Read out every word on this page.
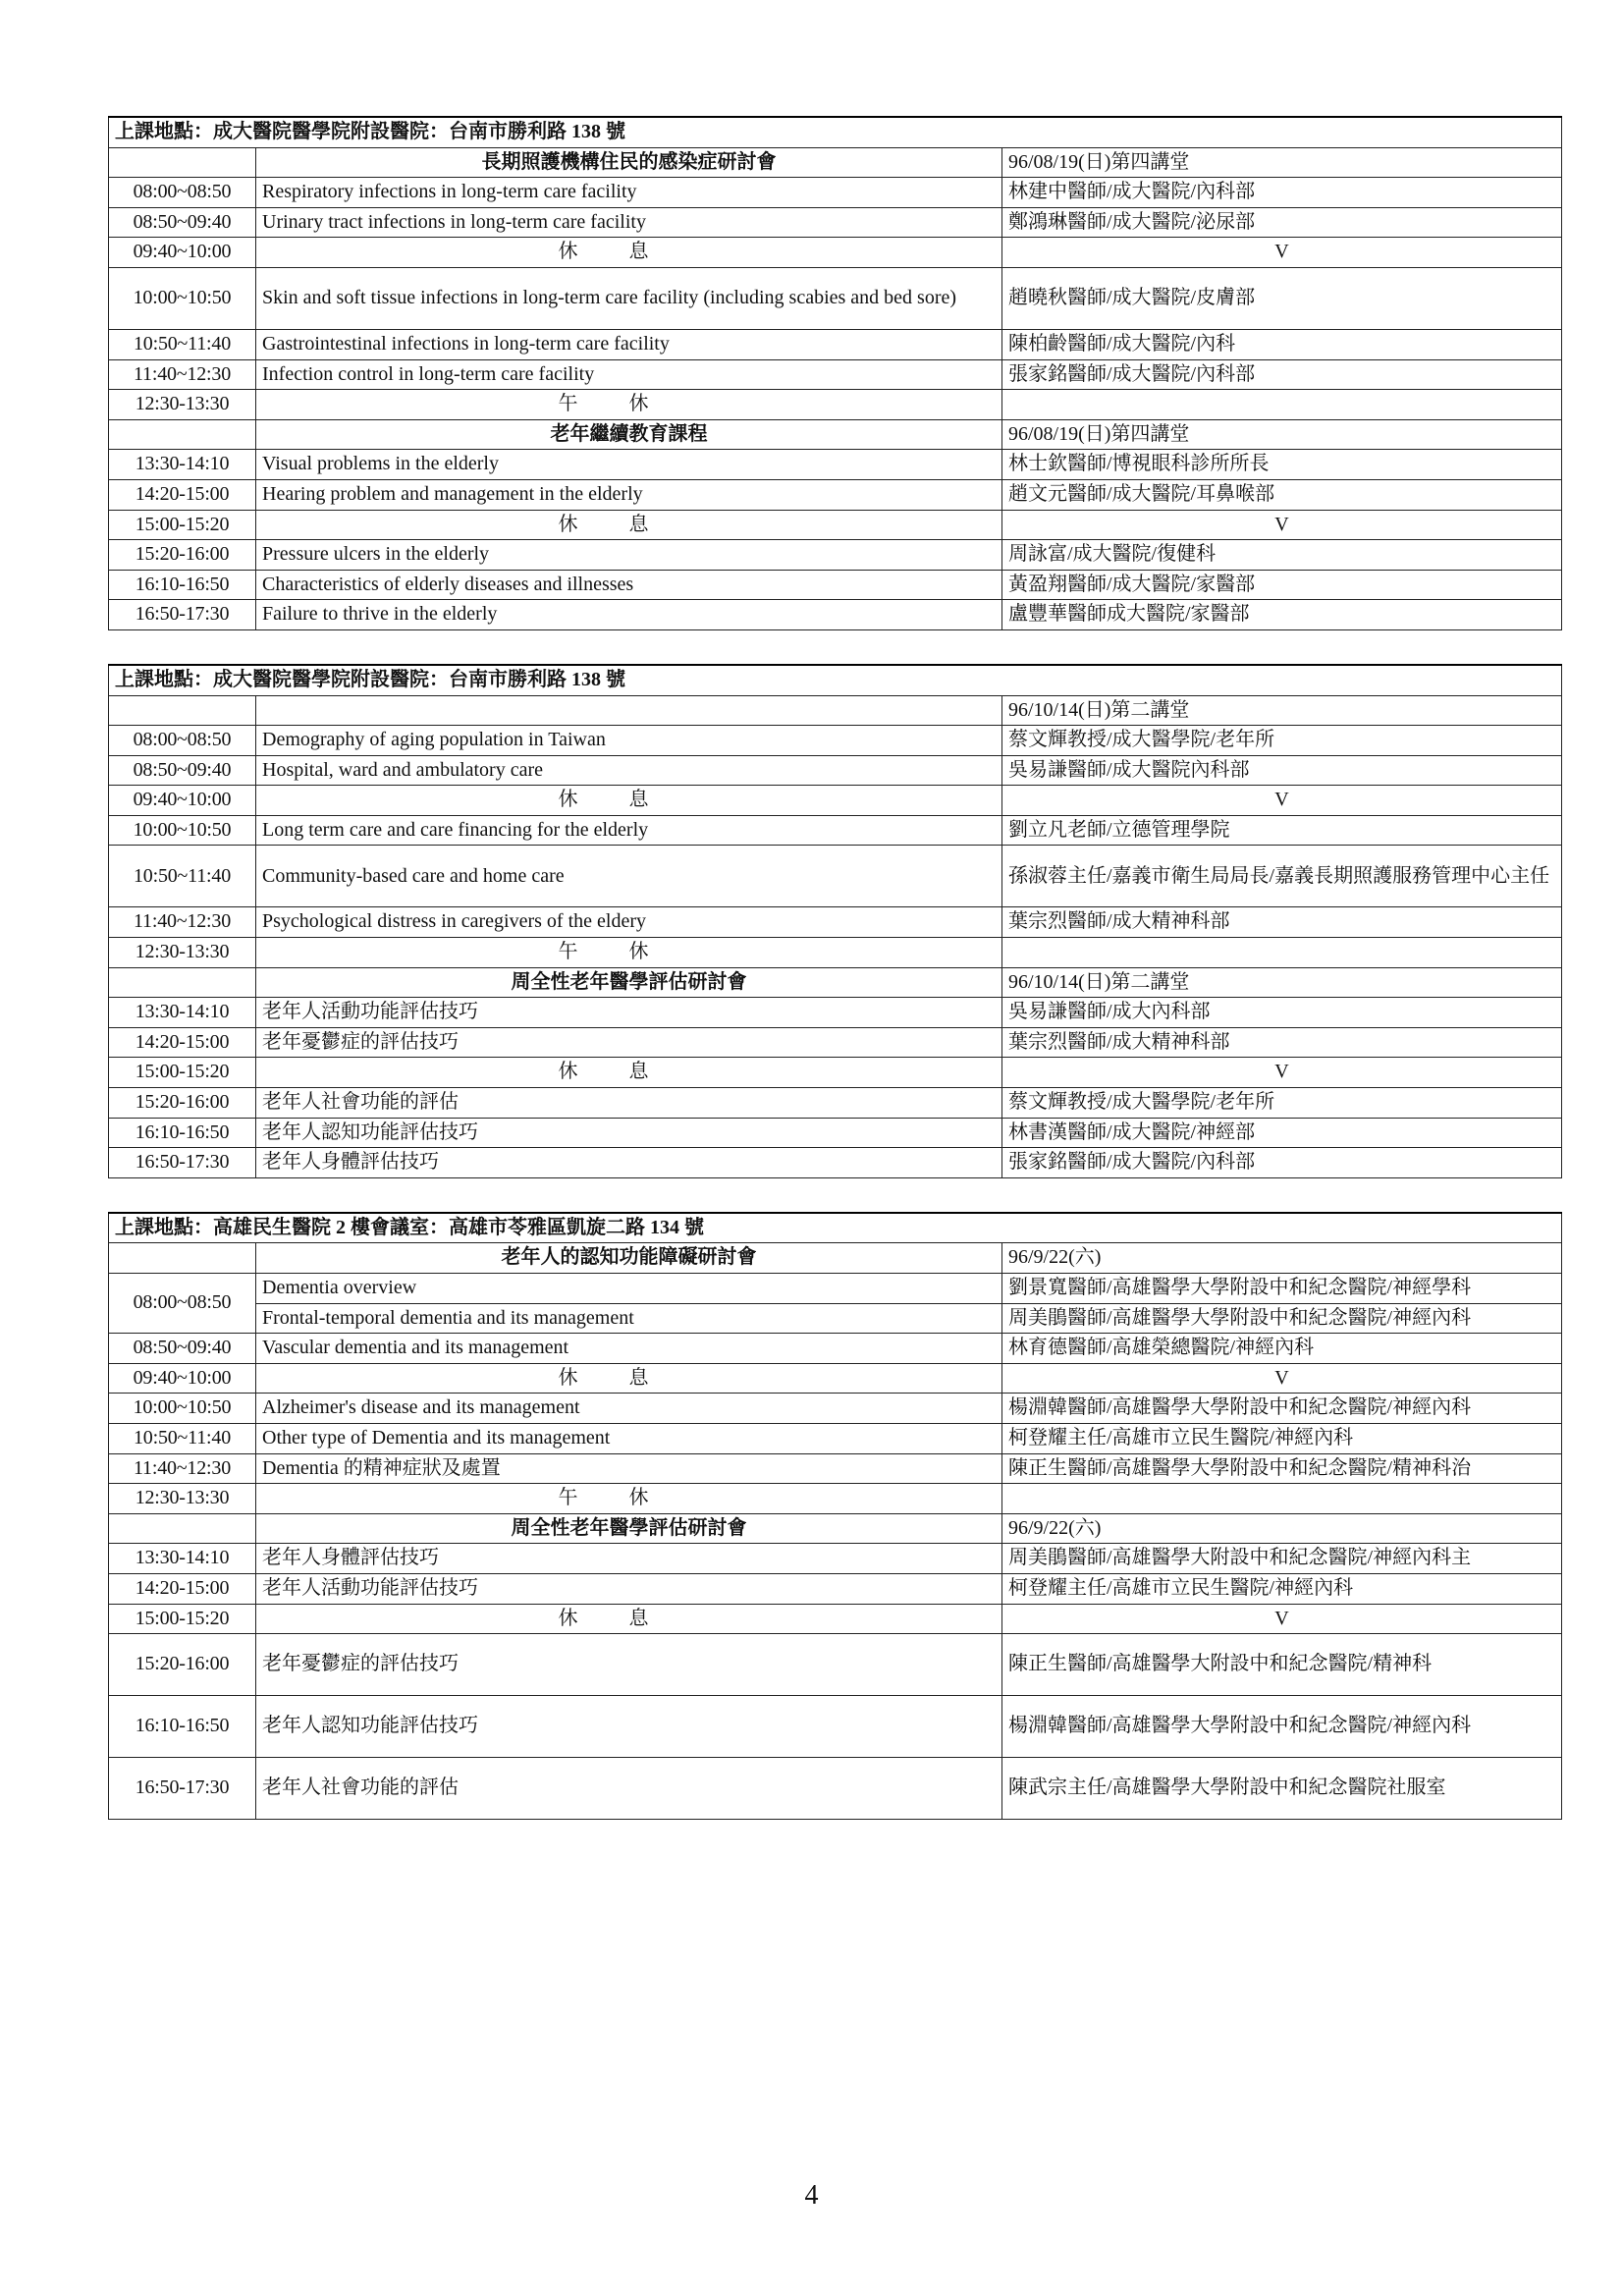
上課地點：成大醫院醫學院附設醫院：台南市勝利路 138 號		
	長期照護機構住民的感染症研討會	96/08/19(日)第四講堂
08:00~08:50	Respiratory infections in long-term care facility	林建中醫師/成大醫院/內科部
08:50~09:40	Urinary tract infections in long-term care facility	鄭鴻琳醫師/成大醫院/泌尿部
09:40~10:00	休息	V
10:00~10:50	Skin and soft tissue infections in long-term care facility (including scabies and bed sore)	趙曉秋醫師/成大醫院/皮膚部
10:50~11:40	Gastrointestinal infections in long-term care facility	陳柏齡醫師/成大醫院/內科
11:40~12:30	Infection control in long-term care facility	張家銘醫師/成大醫院/內科部
12:30-13:30	午休	
	老年繼續教育課程	96/08/19(日)第四講堂
13:30-14:10	Visual problems in the elderly	林士欽醫師/博視眼科診所所長
14:20-15:00	Hearing problem and management in the elderly	趙文元醫師/成大醫院/耳鼻喉部
15:00-15:20	休息	V
15:20-16:00	Pressure ulcers in the elderly	周詠富/成大醫院/復健科
16:10-16:50	Characteristics of elderly diseases and illnesses	黃盈翔醫師/成大醫院/家醫部
16:50-17:30	Failure to thrive in the elderly	盧豐華醫師成大醫院/家醫部

上課地點：成大醫院醫學院附設醫院：台南市勝利路 138 號		
		96/10/14(日)第二講堂
08:00~08:50	Demography of aging population in Taiwan	蔡文輝教授/成大醫學院/老年所
08:50~09:40	Hospital, ward and ambulatory care	吳易謙醫師/成大醫院內科部
09:40~10:00	休息	V
10:00~10:50	Long term care and care financing for the elderly	劉立凡老師/立德管理學院
10:50~11:40	Community-based care and home care	孫淑蓉主任/嘉義市衛生局局長/嘉義長期照護服務管理中心主任
11:40~12:30	Psychological distress in caregivers of the eldery	葉宗烈醫師/成大精神科部
12:30-13:30	午休	
	周全性老年醫學評估研討會	96/10/14(日)第二講堂
13:30-14:10	老年人活動功能評估技巧	吳易謙醫師/成大內科部
14:20-15:00	老年憂鬱症的評估技巧	葉宗烈醫師/成大精神科部
15:00-15:20	休息	V
15:20-16:00	老年人社會功能的評估	蔡文輝教授/成大醫學院/老年所
16:10-16:50	老年人認知功能評估技巧	林書漢醫師/成大醫院/神經部
16:50-17:30	老年人身體評估技巧	張家銘醫師/成大醫院/內科部

上課地點：高雄民生醫院 2 樓會議室：高雄市苓雅區凱旋二路 134 號		
	老年人的認知功能障礙研討會	96/9/22(六)
08:00~08:50	Dementia overview	劉景寬醫師/高雄醫學大學附設中和紀念醫院/神經學科
	Frontal-temporal dementia and its management	周美鵑醫師/高雄醫學大學附設中和紀念醫院/神經內科
08:50~09:40	Vascular dementia and its management	林育德醫師/高雄榮總醫院/神經內科
09:40~10:00	休息	V
10:00~10:50	Alzheimer's disease and its management	楊淵韓醫師/高雄醫學大學附設中和紀念醫院/神經內科
10:50~11:40	Other type of Dementia and its management	柯登耀主任/高雄市立民生醫院/神經內科
11:40~12:30	Dementia 的精神症狀及處置	陳正生醫師/高雄醫學大學附設中和紀念醫院/精神科治
12:30-13:30	午休	
	周全性老年醫學評估研討會	96/9/22(六)
13:30-14:10	老年人身體評估技巧	周美鵑醫師/高雄醫學大附設中和紀念醫院/神經內科主
14:20-15:00	老年人活動功能評估技巧	柯登耀主任/高雄市立民生醫院/神經內科
15:00-15:20	休息	V
15:20-16:00	老年憂鬱症的評估技巧	陳正生醫師/高雄醫學大附設中和紀念醫院/精神科
16:10-16:50	老年人認知功能評估技巧	楊淵韓醫師/高雄醫學大學附設中和紀念醫院/神經內科
16:50-17:30	老年人社會功能的評估	陳武宗主任/高雄醫學大學附設中和紀念醫院社服室
4
